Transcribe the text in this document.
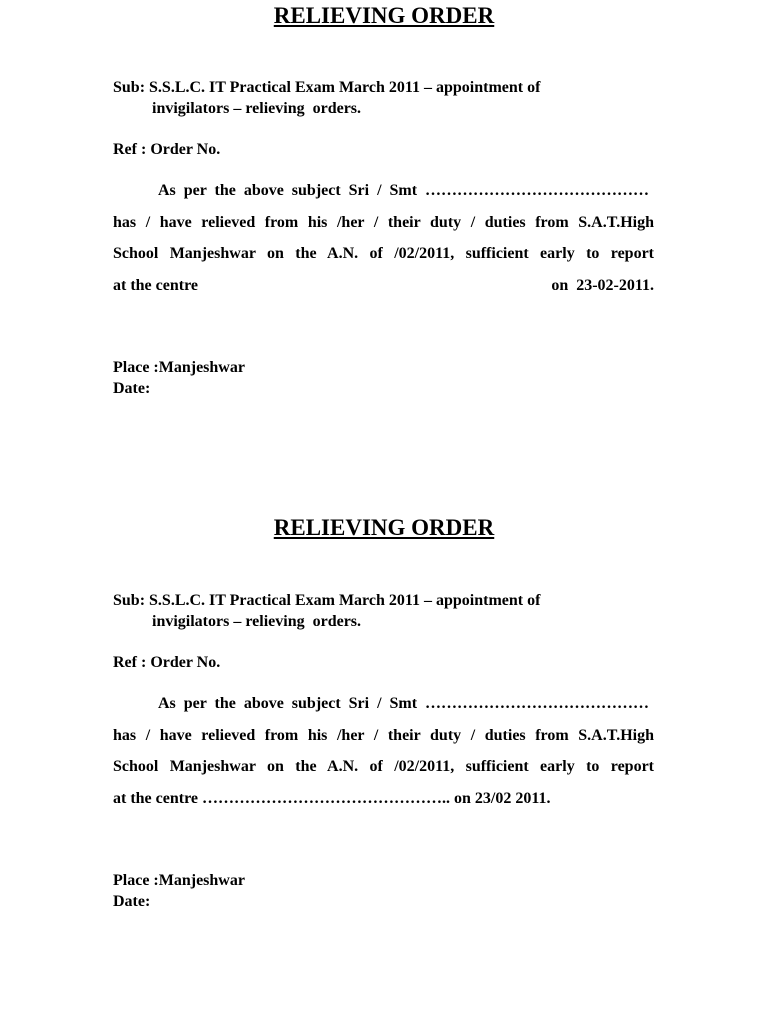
RELIEVING ORDER
Sub: S.S.L.C. IT Practical Exam March 2011 – appointment of
invigilators – relieving  orders.
Ref : Order No.
As per the above subject Sri / Smt ……………………………………
has / have relieved from his /her / their duty / duties from S.A.T.High
School Manjeshwar on the A.N. of /02/2011, sufficient early to report
at the centre	on  23-02-2011.
Place :Manjeshwar
Date:
RELIEVING ORDER
Sub: S.S.L.C. IT Practical Exam March 2011 – appointment of
invigilators – relieving  orders.
Ref : Order No.
As per the above subject Sri / Smt ……………………………………
has / have relieved from his /her / their duty / duties from S.A.T.High
School Manjeshwar on the A.N. of /02/2011, sufficient early to report
at the centre ……………………………………….. on 23/02 2011.
Place :Manjeshwar
Date:
